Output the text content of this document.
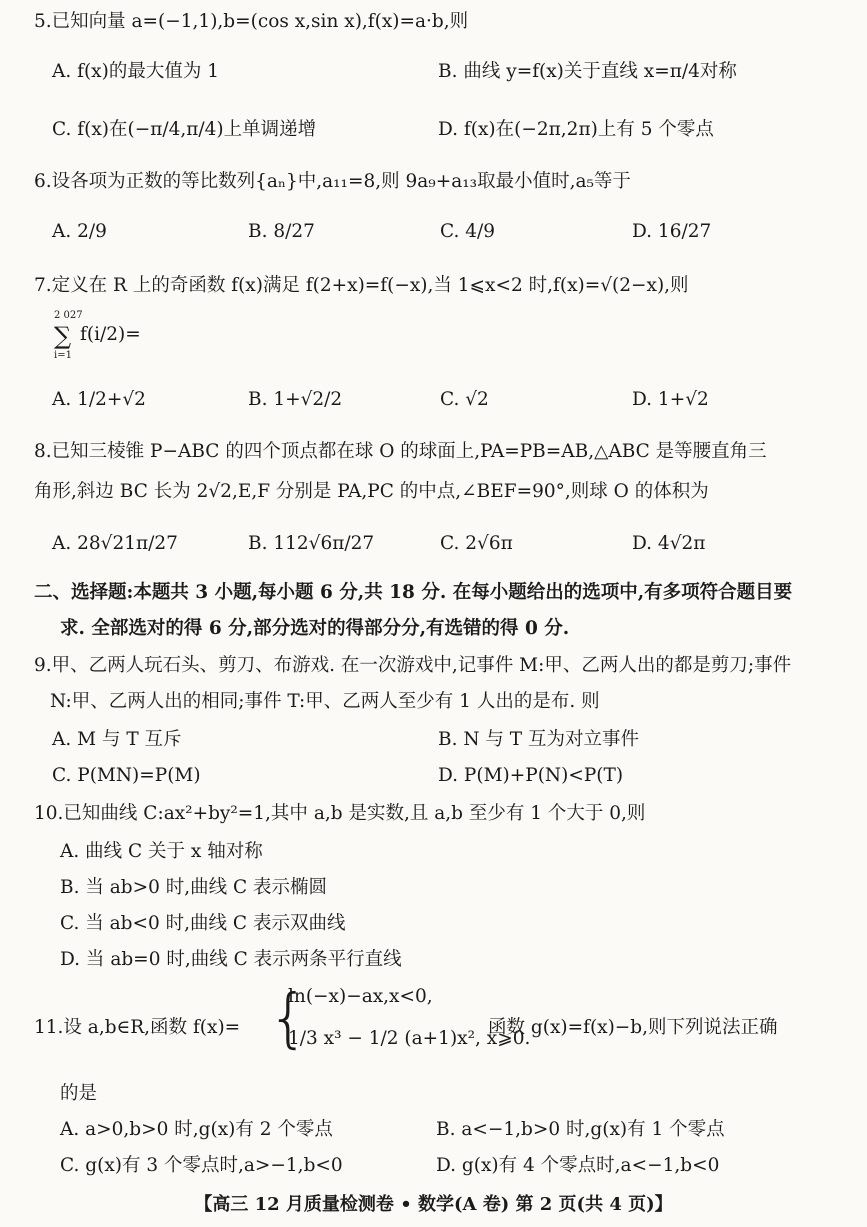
5.已知向量 a=(−1,1),b=(cos x,sin x),f(x)=a·b,则
A. f(x)的最大值为 1	B. 曲线 y=f(x)关于直线 x=π/4对称
C. f(x)在(−π/4,π/4)上单调递增	D. f(x)在(−2π,2π)上有 5 个零点
6.设各项为正数的等比数列{aₙ}中,a₁₁=8,则 9a₉+a₁₃取最小值时,a₅等于
A. 2/9	B. 8/27	C. 4/9	D. 16/27
7.定义在 R 上的奇函数 f(x)满足 f(2+x)=f(−x),当 1⩽x<2 时,f(x)=√(2−x),则
2 027
∑
i=1
f(i/2)=
A. 1/2+√2	B. 1+√2/2	C. √2	D. 1+√2
8.已知三棱锥 P−ABC 的四个顶点都在球 O 的球面上,PA=PB=AB,△ABC 是等腰直角三
角形,斜边 BC 长为 2√2,E,F 分别是 PA,PC 的中点,∠BEF=90°,则球 O 的体积为
A. 28√21π/27	B. 112√6π/27	C. 2√6π	D. 4√2π
二、选择题:本题共 3 小题,每小题 6 分,共 18 分. 在每小题给出的选项中,有多项符合题目要
求. 全部选对的得 6 分,部分选对的得部分分,有选错的得 0 分.
9.甲、乙两人玩石头、剪刀、布游戏. 在一次游戏中,记事件 M:甲、乙两人出的都是剪刀;事件
N:甲、乙两人出的相同;事件 T:甲、乙两人至少有 1 人出的是布. 则
A. M 与 T 互斥	B. N 与 T 互为对立事件
C. P(MN)=P(M)	D. P(M)+P(N)<P(T)
10.已知曲线 C:ax²+by²=1,其中 a,b 是实数,且 a,b 至少有 1 个大于 0,则
A. 曲线 C 关于 x 轴对称
B. 当 ab>0 时,曲线 C 表示椭圆
C. 当 ab<0 时,曲线 C 表示双曲线
D. 当 ab=0 时,曲线 C 表示两条平行直线
11.设 a,b∈R,函数 f(x)= {
ln(−x)−ax,x<0,
1/3 x³ − 1/2 (a+1)x², x⩾0.
函数 g(x)=f(x)−b,则下列说法正确
的是
A. a>0,b>0 时,g(x)有 2 个零点	B. a<−1,b>0 时,g(x)有 1 个零点
C. g(x)有 3 个零点时,a>−1,b<0	D. g(x)有 4 个零点时,a<−1,b<0
【高三 12 月质量检测卷 • 数学(A 卷) 第 2 页(共 4 页)】
